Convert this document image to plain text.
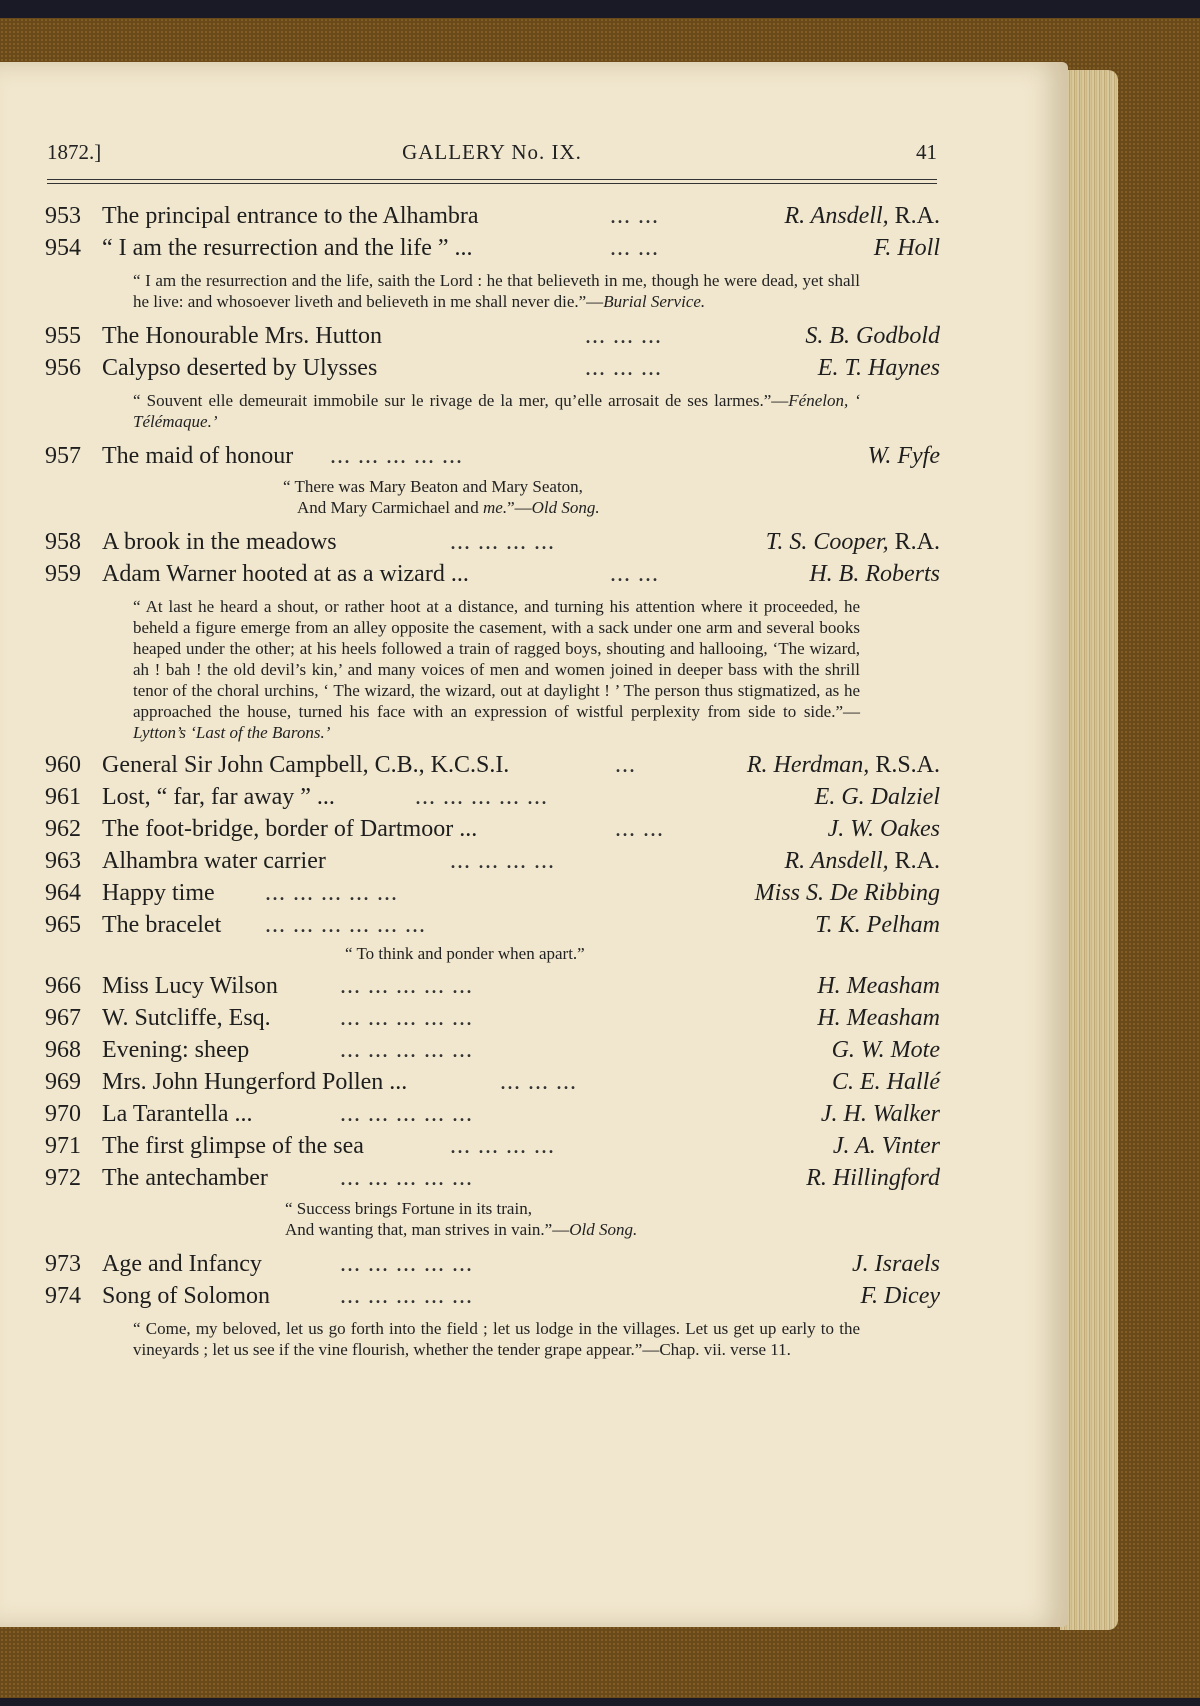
1872.]	GALLERY No. IX.	41
953 The principal entrance to the Alhambra	... ...	R. Ansdell, R.A.
954 “ I am the resurrection and the life ” ...	... ...	F. Holl
“ I am the resurrection and the life, saith the Lord : he that believeth in me, though he were dead, yet shall he live: and whosoever liveth and believeth in me shall never die.”—Burial Service.
955 The Honourable Mrs. Hutton	... ... ...	S. B. Godbold
956 Calypso deserted by Ulysses	... ... ...	E. T. Haynes
“ Souvent elle demeurait immobile sur le rivage de la mer, qu’elle arrosait de ses larmes.”—Fénelon, ‘ Télémaque.’
957 The maid of honour ... ... ... ... ...	W. Fyfe
“ There was Mary Beaton and Mary Seaton,
And Mary Carmichael and me.”—Old Song.
958 A brook in the meadows	... ... ... ...	T. S. Cooper, R.A.
959 Adam Warner hooted at as a wizard ...	... ...	H. B. Roberts
“ At last he heard a shout, or rather hoot at a distance, and turning his attention where it proceeded, he beheld a figure emerge from an alley opposite the casement, with a sack under one arm and several books heaped under the other; at his heels followed a train of ragged boys, shouting and hallooing, ‘The wizard, ah ! bah ! the old devil’s kin,’ and many voices of men and women joined in deeper bass with the shrill tenor of the choral urchins, ‘ The wizard, the wizard, out at daylight ! ’ The person thus stigmatized, as he approached the house, turned his face with an expression of wistful perplexity from side to side.”—Lytton’s ‘Last of the Barons.’
960 General Sir John Campbell, C.B., K.C.S.I.	...	R. Herdman, R.S.A.
961 Lost, “ far, far away ” ...	... ... ... ... ...	E. G. Dalziel
962 The foot-bridge, border of Dartmoor ...	... ...	J. W. Oakes
963 Alhambra water carrier	... ... ... ...	R. Ansdell, R.A.
964 Happy time ... ... ... ... ...	Miss S. De Ribbing
965 The bracelet ... ... ... ... ... ...	T. K. Pelham
“ To think and ponder when apart.”
966 Miss Lucy Wilson	... ... ... ... ...	H. Measham
967 W. Sutcliffe, Esq.	... ... ... ... ...	H. Measham
968 Evening: sheep	... ... ... ... ...	G. W. Mote
969 Mrs. John Hungerford Pollen ...	... ... ...	C. E. Hallé
970 La Tarantella ...	... ... ... ... ...	J. H. Walker
971 The first glimpse of the sea	... ... ... ...	J. A. Vinter
972 The antechamber	... ... ... ... ...	R. Hillingford
“ Success brings Fortune in its train,
And wanting that, man strives in vain.”—Old Song.
973 Age and Infancy	... ... ... ... ...	J. Israels
974 Song of Solomon	... ... ... ... ...	F. Dicey
“ Come, my beloved, let us go forth into the field ; let us lodge in the villages. Let us get up early to the vineyards ; let us see if the vine flourish, whether the tender grape appear.”—Chap. vii. verse 11.
